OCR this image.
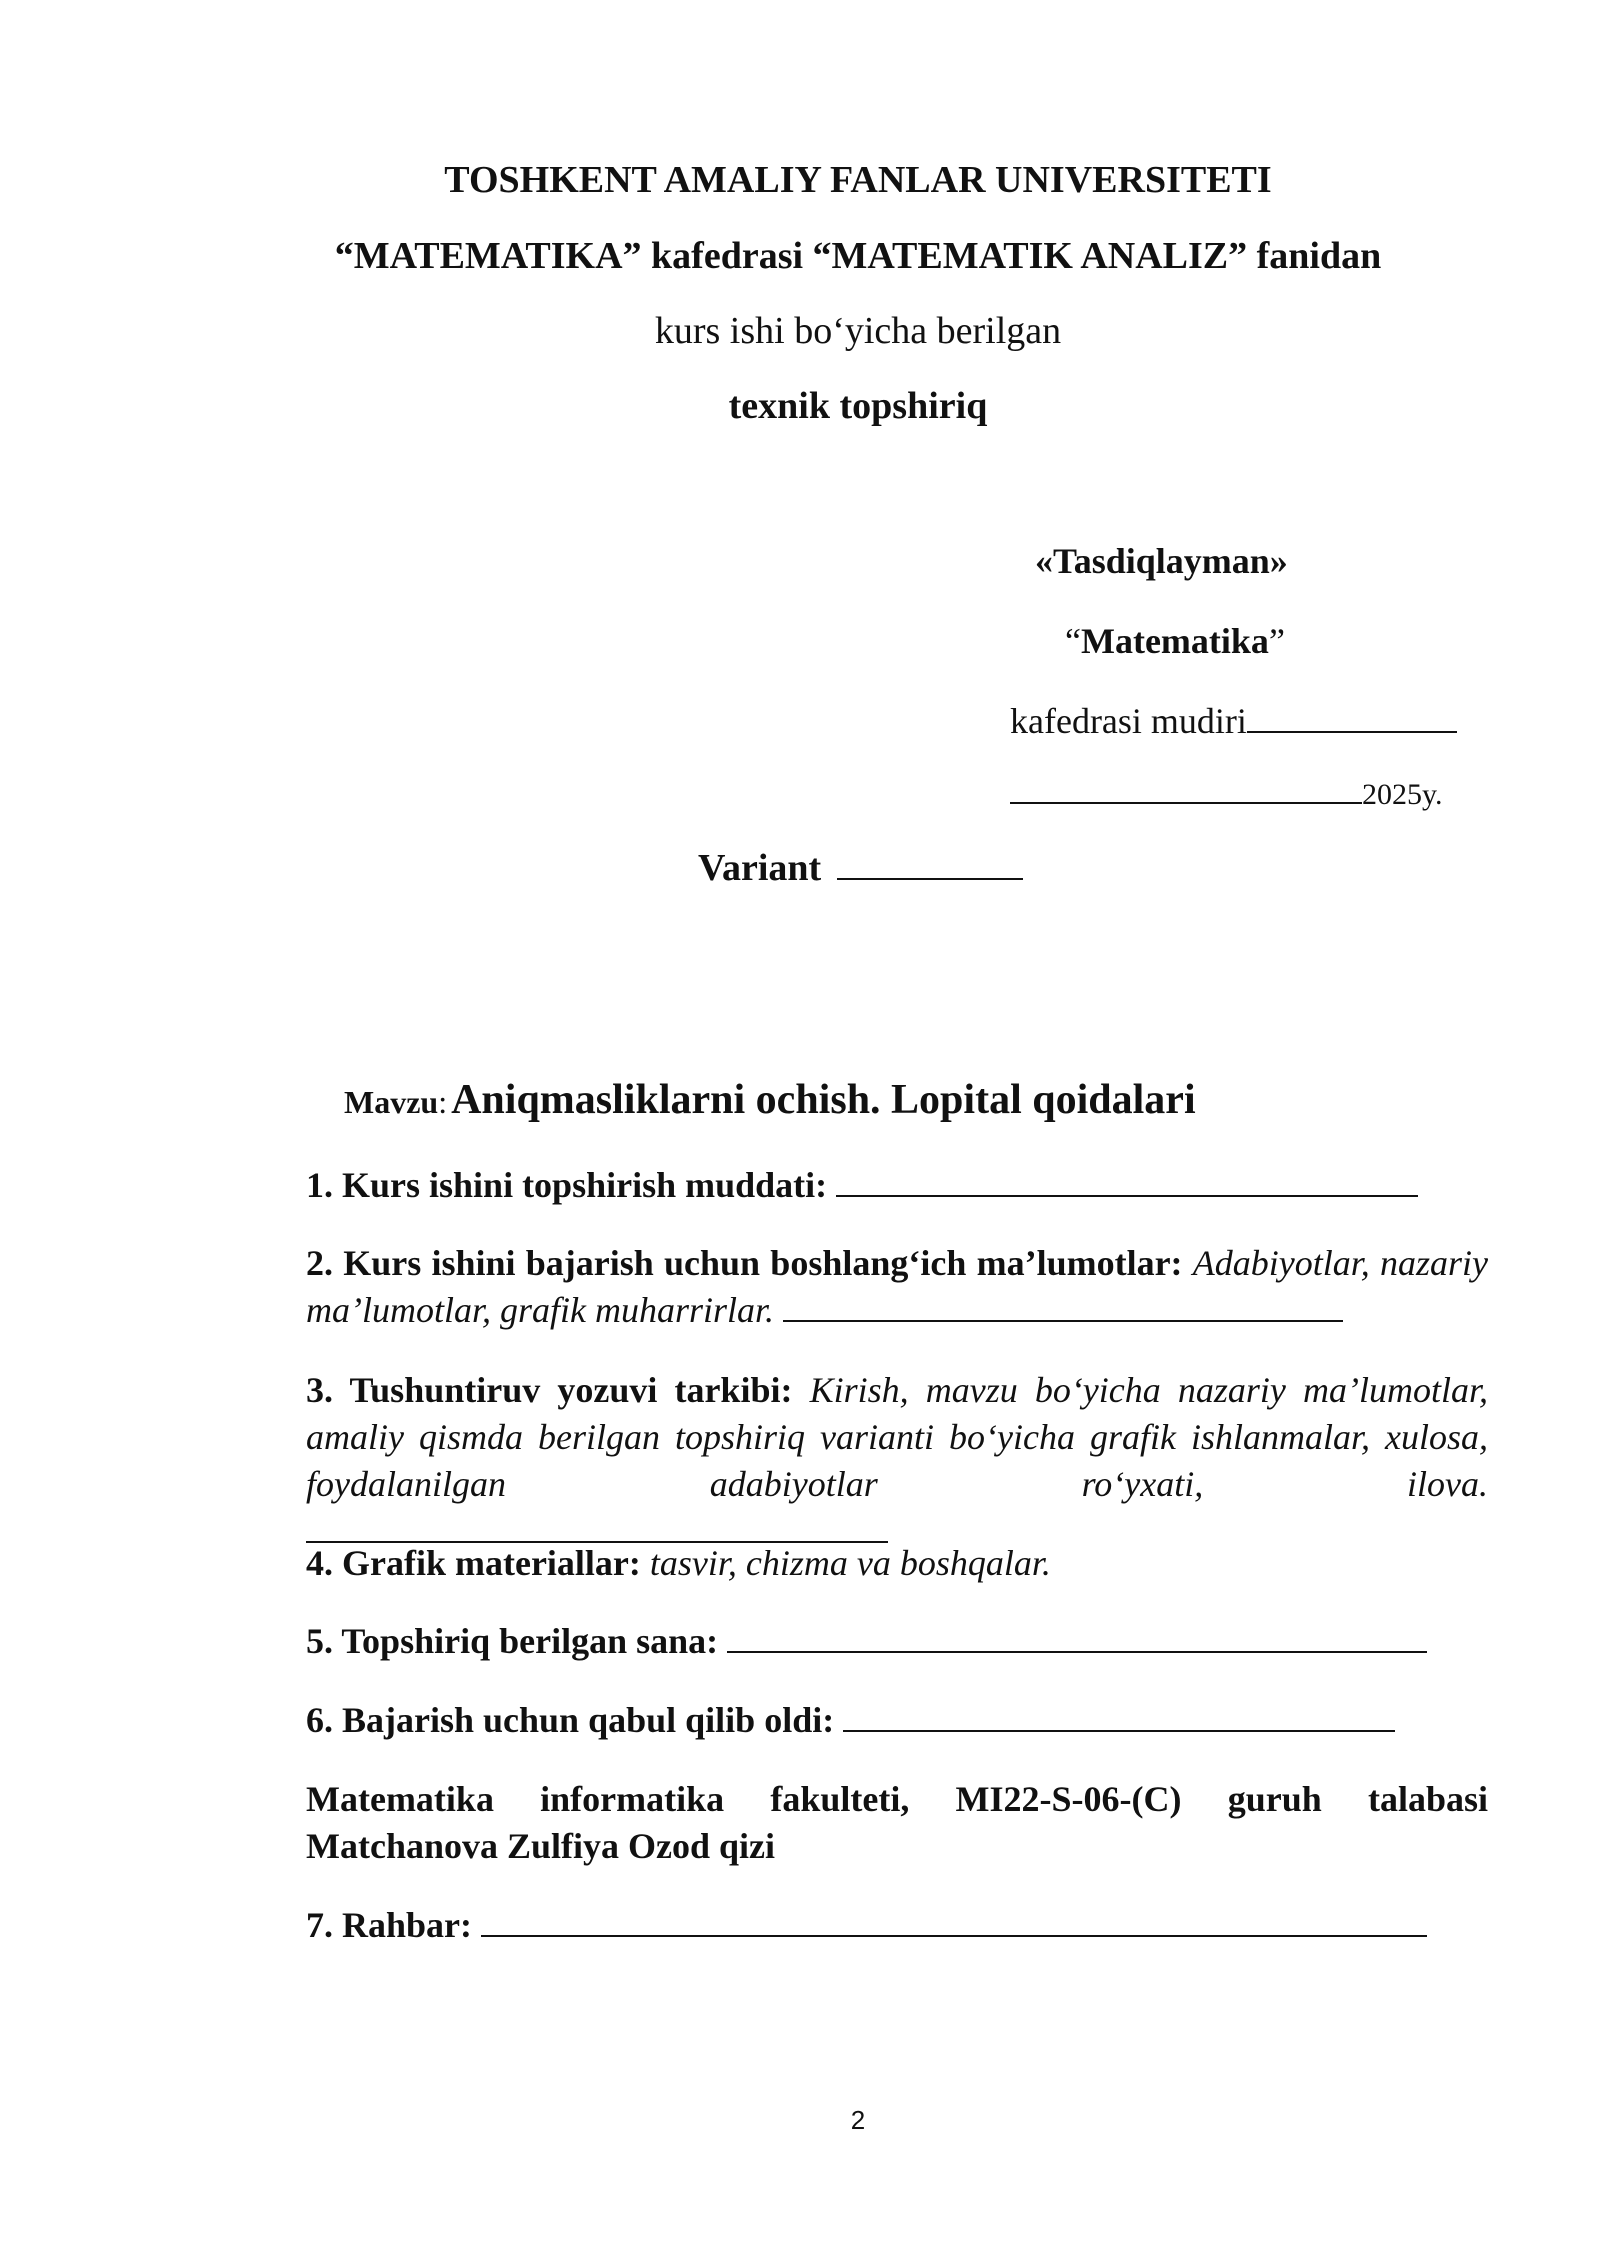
TOSHKENT AMALIY FANLAR UNIVERSITETI
“MATEMATIKA” kafedrasi “MATEMATIK ANALIZ” fanidan
kurs ishi bo‘yicha berilgan
texnik topshiriq
«Tasdiqlayman»
“Matematika”
kafedrasi mudiri
2025y.
Variant
Mavzu: Aniqmasliklarni ochish. Lopital qoidalari
1. Kurs ishini topshirish muddati:
2. Kurs ishini bajarish uchun boshlang‘ich ma’lumotlar: Adabiyotlar, nazariy ma’lumotlar, grafik muharrirlar.
3. Tushuntiruv yozuvi tarkibi: Kirish, mavzu bo‘yicha nazariy ma’lumotlar, amaliy qismda berilgan topshiriq varianti bo‘yicha grafik ishlanmalar, xulosa, foydalanilgan adabiyotlar ro‘yxati, ilova.
4. Grafik materiallar: tasvir, chizma va boshqalar.
5. Topshiriq berilgan sana:
6. Bajarish uchun qabul qilib oldi:
Matematika informatika fakulteti, MI22-S-06-(C) guruh talabasi Matchanova Zulfiya Ozod qizi
7. Rahbar:
2
